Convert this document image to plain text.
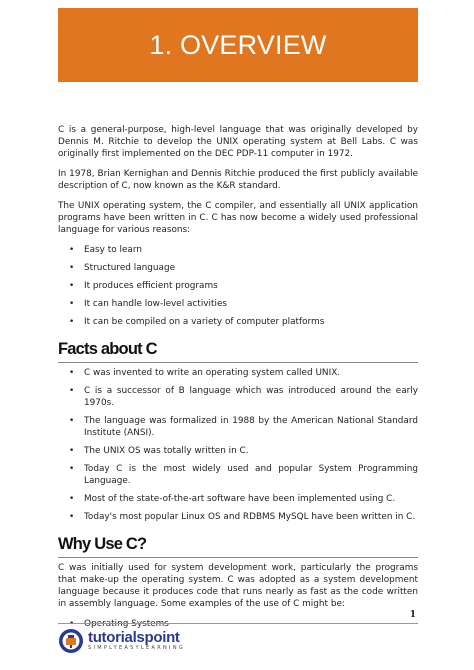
1. OVERVIEW

C is a general-purpose, high-level language that was originally developed by Dennis M. Ritchie to develop the UNIX operating system at Bell Labs. C was originally first implemented on the DEC PDP-11 computer in 1972.

In 1978, Brian Kernighan and Dennis Ritchie produced the first publicly available description of C, now known as the K&R standard.

The UNIX operating system, the C compiler, and essentially all UNIX application programs have been written in C. C has now become a widely used professional language for various reasons:

• Easy to learn
• Structured language
• It produces efficient programs
• It can handle low-level activities
• It can be compiled on a variety of computer platforms
Facts about C
• C was invented to write an operating system called UNIX.
• C is a successor of B language which was introduced around the early 1970s.
• The language was formalized in 1988 by the American National Standard Institute (ANSI).
• The UNIX OS was totally written in C.
• Today C is the most widely used and popular System Programming Language.
• Most of the state-of-the-art software have been implemented using C.
• Today's most popular Linux OS and RDBMS MySQL have been written in C.
Why Use C?

C was initially used for system development work, particularly the programs that make-up the operating system. C was adopted as a system development language because it produces code that runs nearly as fast as the code written in assembly language. Some examples of the use of C might be:

• Operating Systems
1
tutorialspoint
SIMPLYEASYLEARNING
